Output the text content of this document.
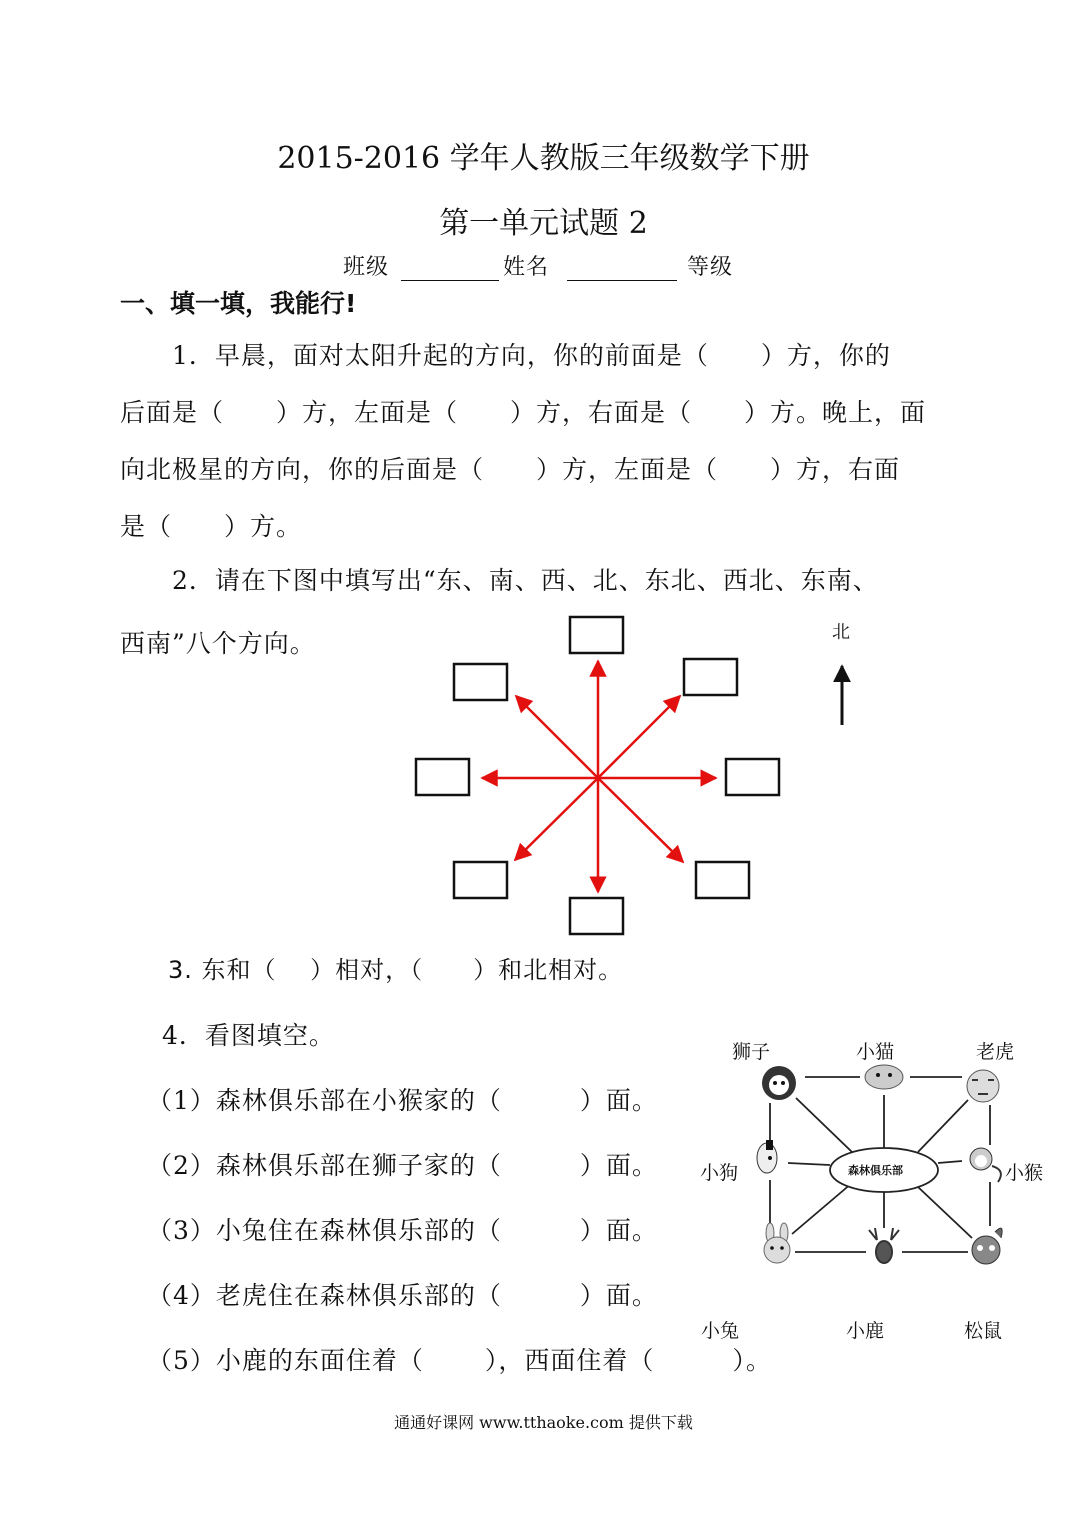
2015-2016 学年人教版三年级数学下册
第一单元试题 2
班级	姓名	等级
一、填一填，我能行!
1．早晨，面对太阳升起的方向，你的前面是（　　）方，你的
后面是（　　）方，左面是（　　）方，右面是（　　）方。晚上，面
向北极星的方向，你的后面是（　　）方，左面是（　　）方，右面
是（　　）方。
2．请在下图中填写出“东、南、西、北、东北、西北、东南、
西南”八个方向。	北
3. 东和（　 ）相对，（　　）和北相对。
4．看图填空。
（1）森林俱乐部在小猴家的（　　　）面。
（2）森林俱乐部在狮子家的（　　　）面。
（3）小兔住在森林俱乐部的（　　　）面。
（4）老虎住在森林俱乐部的（　　　）面。
（5）小鹿的东面住着（　　 ），西面住着（　　　）。
狮子	小猫	老虎
小狗	小猴
小兔	小鹿	松鼠
森林俱乐部
通通好课网 www.tthaoke.com 提供下载
